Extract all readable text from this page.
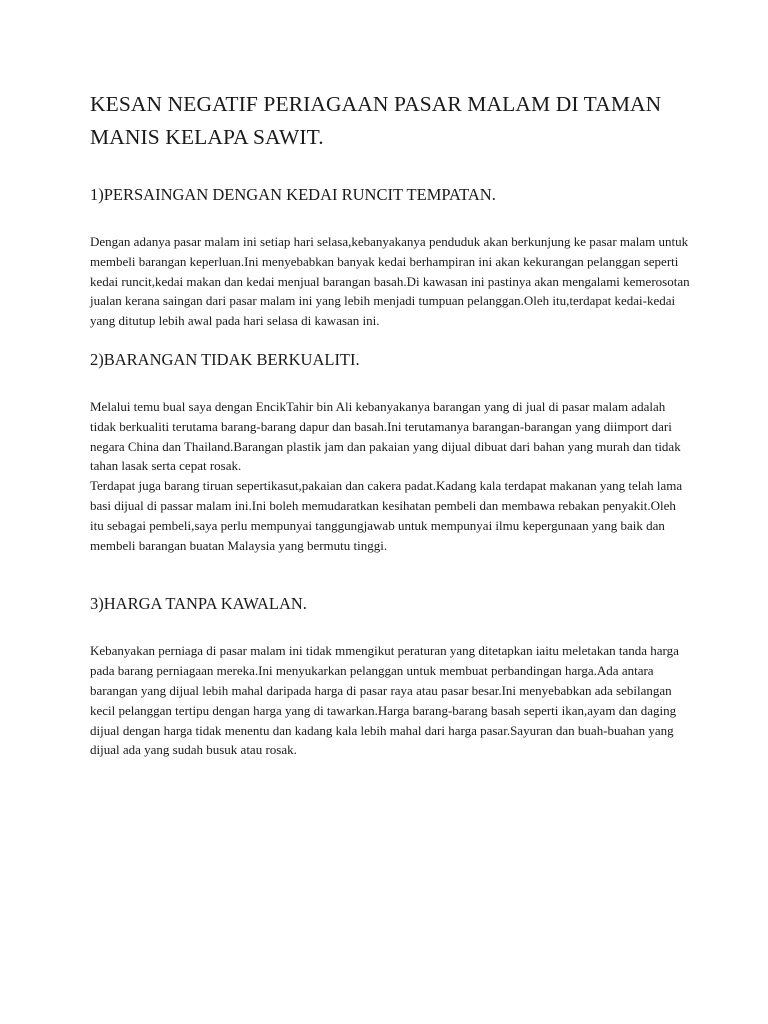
KESAN NEGATIF PERIAGAAN PASAR MALAM DI TAMAN MANIS KELAPA SAWIT.
1)PERSAINGAN DENGAN KEDAI RUNCIT TEMPATAN.

Dengan adanya pasar malam ini setiap hari selasa,kebanyakanya penduduk akan berkunjung ke pasar malam untuk membeli barangan keperluan.Ini menyebabkan banyak kedai berhampiran ini akan kekurangan pelanggan seperti kedai runcit,kedai makan dan kedai menjual barangan basah.Di kawasan ini pastinya akan mengalami kemerosotan jualan kerana saingan dari pasar malam ini yang lebih menjadi tumpuan pelanggan.Oleh itu,terdapat kedai-kedai yang ditutup lebih awal pada hari selasa di kawasan ini.

2)BARANGAN TIDAK BERKUALITI.

Melalui temu bual saya dengan EncikTahir bin Ali kebanyakanya barangan yang di jual di pasar malam adalah tidak berkualiti terutama barang-barang dapur dan basah.Ini terutamanya barangan-barangan yang diimport dari negara China dan Thailand.Barangan plastik jam dan pakaian yang dijual dibuat dari bahan yang murah dan tidak tahan lasak serta cepat rosak.

Terdapat juga barang tiruan sepertikasut,pakaian dan cakera padat.Kadang kala terdapat makanan yang telah lama basi dijual di passar malam ini.Ini boleh memudaratkan kesihatan pembeli dan membawa rebakan penyakit.Oleh itu sebagai pembeli,saya perlu mempunyai tanggungjawab untuk mempunyai ilmu kepergunaan yang baik dan membeli barangan buatan Malaysia yang bermutu tinggi.

3)HARGA TANPA KAWALAN.

Kebanyakan perniaga di pasar malam ini tidak mmengikut peraturan yang ditetapkan iaitu meletakan tanda harga pada barang perniagaan mereka.Ini menyukarkan pelanggan untuk membuat perbandingan harga.Ada antara barangan yang dijual lebih mahal daripada harga di pasar raya atau pasar besar.Ini menyebabkan ada sebilangan kecil pelanggan tertipu dengan harga yang di tawarkan.Harga barang-barang basah seperti ikan,ayam dan daging dijual dengan harga tidak menentu dan kadang kala lebih mahal dari harga pasar.Sayuran dan buah-buahan yang dijual ada yang sudah busuk atau rosak.
